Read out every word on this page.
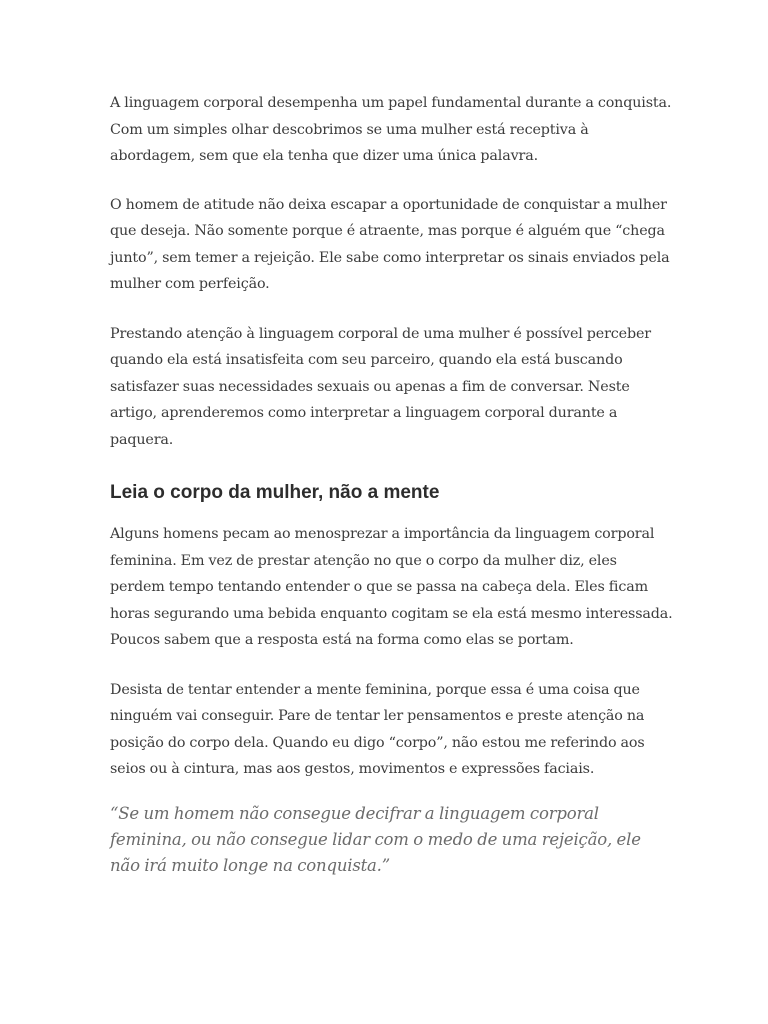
A linguagem corporal desempenha um papel fundamental durante a conquista.
Com um simples olhar descobrimos se uma mulher está receptiva à
abordagem, sem que ela tenha que dizer uma única palavra.

O homem de atitude não deixa escapar a oportunidade de conquistar a mulher
que deseja. Não somente porque é atraente, mas porque é alguém que “chega
junto”, sem temer a rejeição. Ele sabe como interpretar os sinais enviados pela
mulher com perfeição.

Prestando atenção à linguagem corporal de uma mulher é possível perceber
quando ela está insatisfeita com seu parceiro, quando ela está buscando
satisfazer suas necessidades sexuais ou apenas a fim de conversar. Neste
artigo, aprenderemos como interpretar a linguagem corporal durante a
paquera.

Leia o corpo da mulher, não a mente

Alguns homens pecam ao menosprezar a importância da linguagem corporal
feminina. Em vez de prestar atenção no que o corpo da mulher diz, eles
perdem tempo tentando entender o que se passa na cabeça dela. Eles ficam
horas segurando uma bebida enquanto cogitam se ela está mesmo interessada.
Poucos sabem que a resposta está na forma como elas se portam.

Desista de tentar entender a mente feminina, porque essa é uma coisa que
ninguém vai conseguir. Pare de tentar ler pensamentos e preste atenção na
posição do corpo dela. Quando eu digo “corpo”, não estou me referindo aos
seios ou à cintura, mas aos gestos, movimentos e expressões faciais.

“Se um homem não consegue decifrar a linguagem corporal
feminina, ou não consegue lidar com o medo de uma rejeição, ele
não irá muito longe na conquista.”
